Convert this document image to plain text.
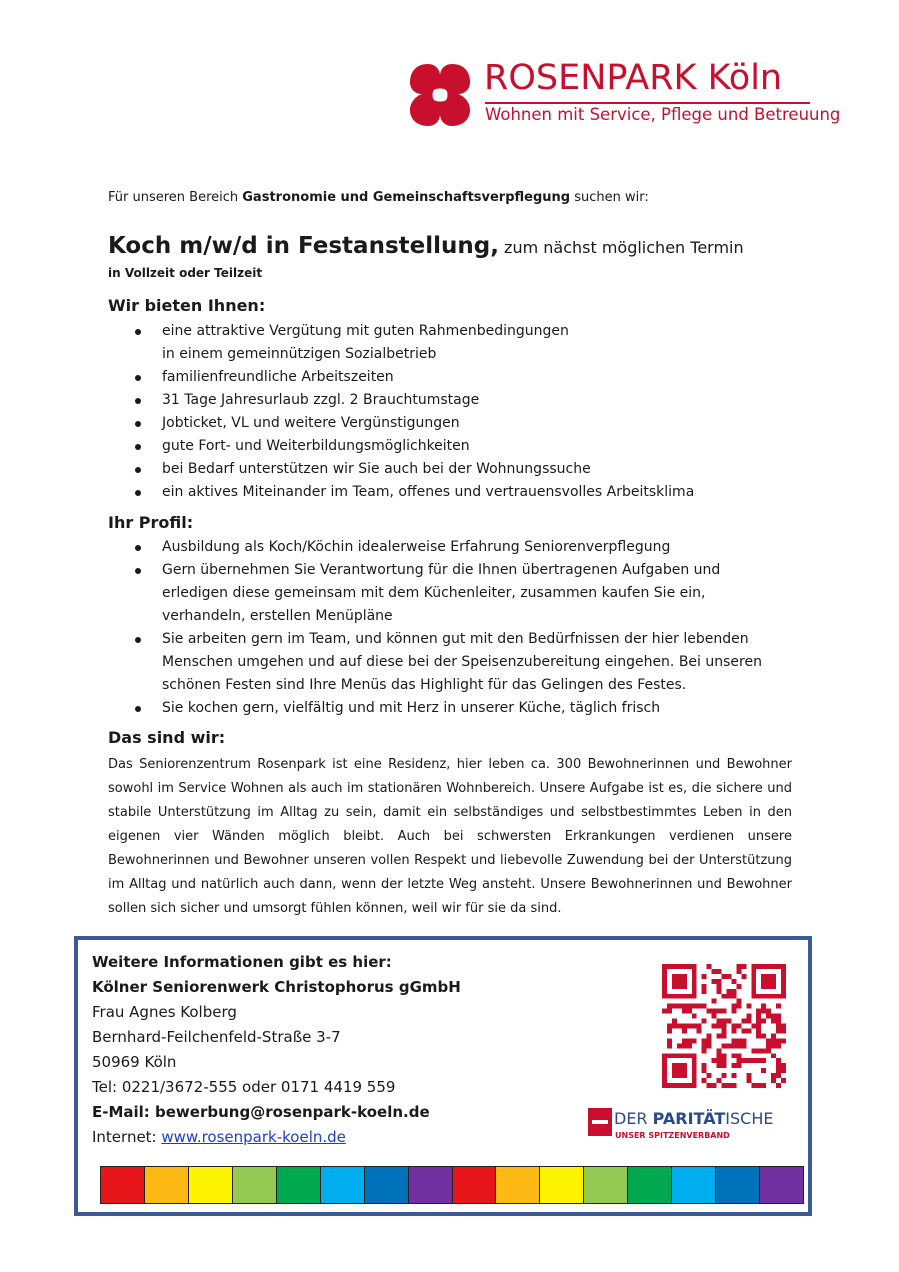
ROSENPARK Köln
Wohnen mit Service, Pflege und Betreuung
Für unseren Bereich Gastronomie und Gemeinschaftsverpflegung suchen wir:
Koch m/w/d in Festanstellung, zum nächst möglichen Termin
in Vollzeit oder Teilzeit
Wir bieten Ihnen:
eine attraktive Vergütung mit guten Rahmenbedingungen
in einem gemeinnützigen Sozialbetrieb
familienfreundliche Arbeitszeiten
31 Tage Jahresurlaub zzgl. 2 Brauchtumstage
Jobticket, VL und weitere Vergünstigungen
gute Fort- und Weiterbildungsmöglichkeiten
bei Bedarf unterstützen wir Sie auch bei der Wohnungssuche
ein aktives Miteinander im Team, offenes und vertrauensvolles Arbeitsklima
Ihr Profil:
Ausbildung als Koch/Köchin idealerweise Erfahrung Seniorenverpflegung
Gern übernehmen Sie Verantwortung für die Ihnen übertragenen Aufgaben und
erledigen diese gemeinsam mit dem Küchenleiter, zusammen kaufen Sie ein,
verhandeln, erstellen Menüpläne
Sie arbeiten gern im Team, und können gut mit den Bedürfnissen der hier lebenden
Menschen umgehen und auf diese bei der Speisenzubereitung eingehen. Bei unseren
schönen Festen sind Ihre Menüs das Highlight für das Gelingen des Festes.
Sie kochen gern, vielfältig und mit Herz in unserer Küche, täglich frisch
Das sind wir:
Das Seniorenzentrum Rosenpark ist eine Residenz, hier leben ca. 300 Bewohnerinnen und Bewohner sowohl im Service Wohnen als auch im stationären Wohnbereich. Unsere Aufgabe ist es, die sichere und stabile Unterstützung im Alltag zu sein, damit ein selbständiges und selbstbestimmtes Leben in den eigenen vier Wänden möglich bleibt. Auch bei schwersten Erkrankungen verdienen unsere Bewohnerinnen und Bewohner unseren vollen Respekt und liebevolle Zuwendung bei der Unterstützung im Alltag und natürlich auch dann, wenn der letzte Weg ansteht. Unsere Bewohnerinnen und Bewohner sollen sich sicher und umsorgt fühlen können, weil wir für sie da sind.
Weitere Informationen gibt es hier:
Kölner Seniorenwerk Christophorus gGmbH
Frau Agnes Kolberg
Bernhard-Feilchenfeld-Straße 3-7
50969 Köln
Tel: 0221/3672-555 oder 0171 4419 559
E-Mail: bewerbung@rosenpark-koeln.de
Internet: www.rosenpark-koeln.de
DER PARITÄTISCHE
UNSER SPITZENVERBAND
